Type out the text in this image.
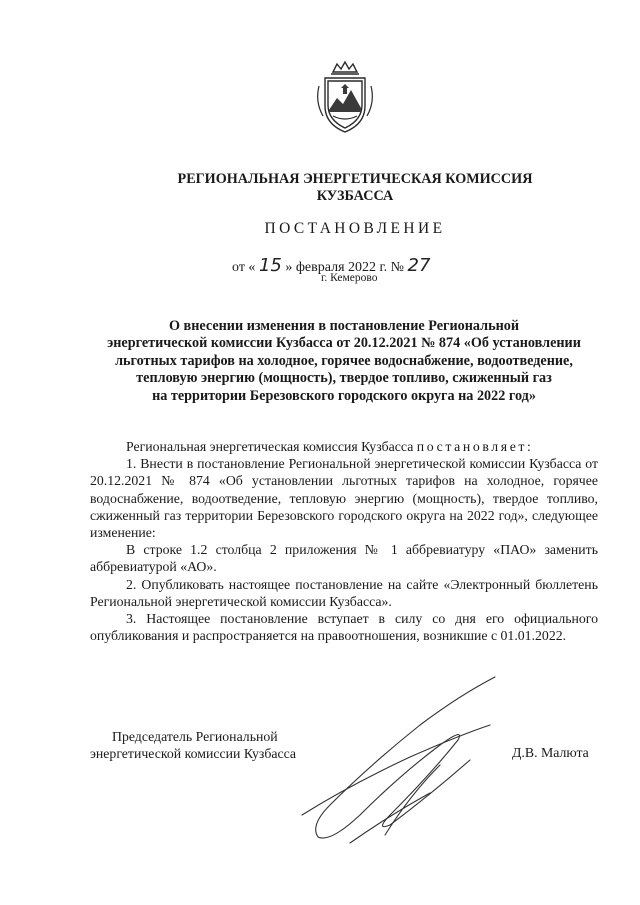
РЕГИОНАЛЬНАЯ ЭНЕРГЕТИЧЕСКАЯ КОМИССИЯ
КУЗБАССА
ПОСТАНОВЛЕНИЕ
от « 15 » февраля 2022 г. № 27
г. Кемерово
О внесении изменения в постановление Региональной
энергетической комиссии Кузбасса от 20.12.2021 № 874 «Об установлении
льготных тарифов на холодное, горячее водоснабжение, водоотведение,
тепловую энергию (мощность), твердое топливо, сжиженный газ
на территории Березовского городского округа на 2022 год»

Региональная энергетическая комиссия Кузбасса постановляет:

1. Внести в постановление Региональной энергетической комиссии Кузбасса от 20.12.2021 № 874 «Об установлении льготных тарифов на холодное, горячее водоснабжение, водоотведение, тепловую энергию (мощность), твердое топливо, сжиженный газ территории Березовского городского округа на 2022 год», следующее изменение:

В строке 1.2 столбца 2 приложения № 1 аббревиатуру «ПАО» заменить аббревиатурой «АО».

2. Опубликовать настоящее постановление на сайте «Электронный бюллетень Региональной энергетической комиссии Кузбасса».

3. Настоящее постановление вступает в силу со дня его официального опубликования и распространяется на правоотношения, возникшие с 01.01.2022.

Председатель Региональной
энергетической комиссии Кузбасса	Д.В. Малюта
